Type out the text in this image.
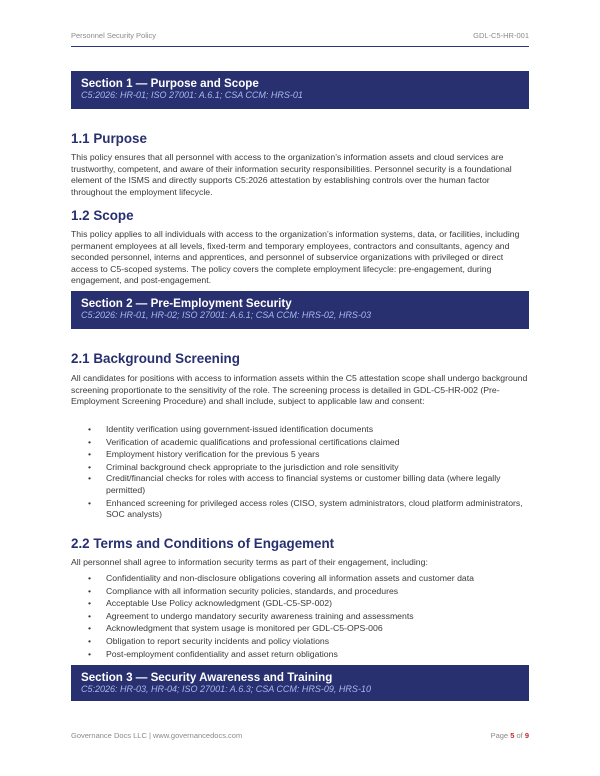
Personnel Security Policy	GDL-C5-HR-001
Section 1 — Purpose and Scope
C5:2026: HR-01; ISO 27001: A.6.1; CSA CCM: HRS-01
1.1 Purpose
This policy ensures that all personnel with access to the organization’s information assets and cloud services are trustworthy, competent, and aware of their information security responsibilities. Personnel security is a foundational element of the ISMS and directly supports C5:2026 attestation by establishing controls over the human factor throughout the employment lifecycle.
1.2 Scope
This policy applies to all individuals with access to the organization’s information systems, data, or facilities, including permanent employees at all levels, fixed-term and temporary employees, contractors and consultants, agency and seconded personnel, interns and apprentices, and personnel of subservice organizations with privileged or direct access to C5-scoped systems. The policy covers the complete employment lifecycle: pre-engagement, during engagement, and post-engagement.
Section 2 — Pre-Employment Security
C5:2026: HR-01, HR-02; ISO 27001: A.6.1; CSA CCM: HRS-02, HRS-03
2.1 Background Screening
All candidates for positions with access to information assets within the C5 attestation scope shall undergo background screening proportionate to the sensitivity of the role. The screening process is detailed in GDL-C5-HR-002 (Pre-Employment Screening Procedure) and shall include, subject to applicable law and consent:
• Identity verification using government-issued identification documents
• Verification of academic qualifications and professional certifications claimed
• Employment history verification for the previous 5 years
• Criminal background check appropriate to the jurisdiction and role sensitivity
• Credit/financial checks for roles with access to financial systems or customer billing data (where legally permitted)
• Enhanced screening for privileged access roles (CISO, system administrators, cloud platform administrators, SOC analysts)
2.2 Terms and Conditions of Engagement
All personnel shall agree to information security terms as part of their engagement, including:
• Confidentiality and non-disclosure obligations covering all information assets and customer data
• Compliance with all information security policies, standards, and procedures
• Acceptable Use Policy acknowledgment (GDL-C5-SP-002)
• Agreement to undergo mandatory security awareness training and assessments
• Acknowledgment that system usage is monitored per GDL-C5-OPS-006
• Obligation to report security incidents and policy violations
• Post-employment confidentiality and asset return obligations
Section 3 — Security Awareness and Training
C5:2026: HR-03, HR-04; ISO 27001: A.6.3; CSA CCM: HRS-09, HRS-10
Governance Docs LLC | www.governancedocs.com	Page 5 of 9
